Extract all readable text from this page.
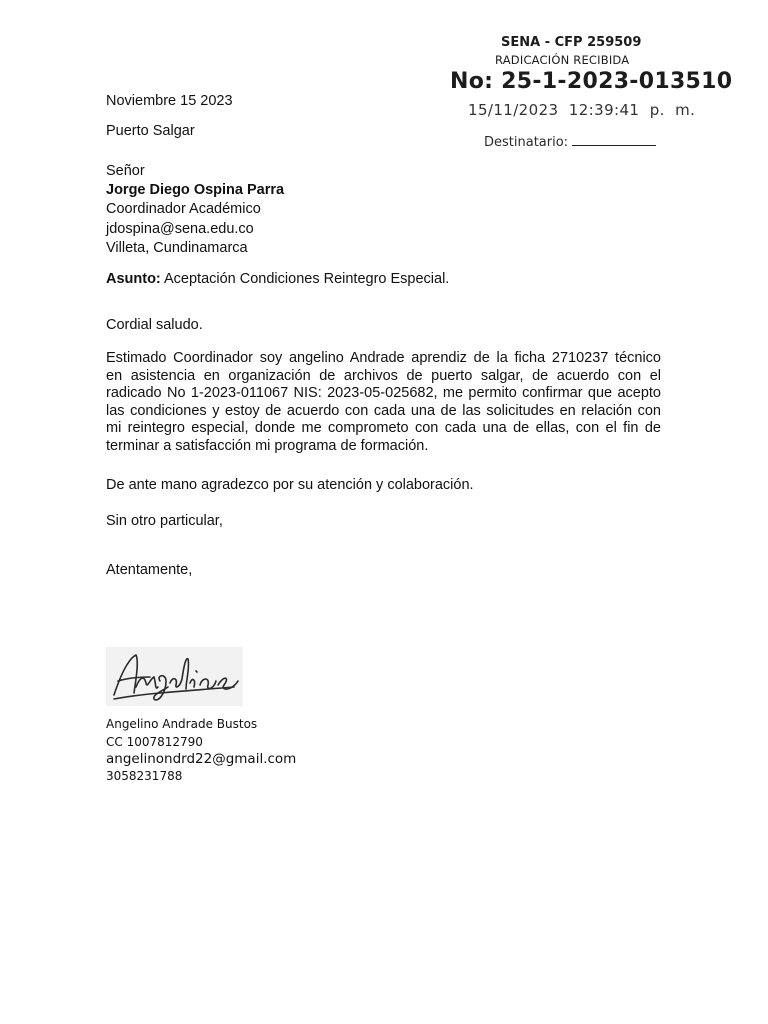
SENA - CFP 259509
RADICACIÓN RECIBIDA
No: 25-1-2023-013510
15/11/2023  12:39:41  p.  m.
Destinatario:
Noviembre 15 2023
Puerto Salgar
Señor
Jorge Diego Ospina Parra
Coordinador Académico
jdospina@sena.edu.co
Villeta, Cundinamarca
Asunto: Aceptación Condiciones Reintegro Especial.
Cordial saludo.
Estimado Coordinador soy angelino Andrade aprendiz de la ficha 2710237 técnico
en asistencia en organización de archivos de puerto salgar, de acuerdo con el
radicado No 1-2023-011067 NIS: 2023-05-025682, me permito confirmar que acepto
las condiciones y estoy de acuerdo con cada una de las solicitudes en relación con
mi reintegro especial, donde me comprometo con cada una de ellas, con el fin de
terminar a satisfacción mi programa de formación.
De ante mano agradezco por su atención y colaboración.
Sin otro particular,
Atentamente,
Angelino Andrade Bustos
CC 1007812790
angelinondrd22@gmail.com
3058231788
